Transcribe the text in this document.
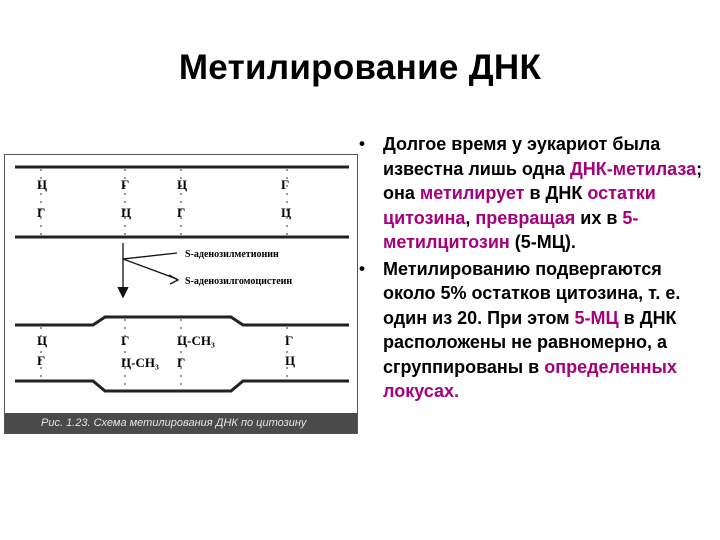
Метилирование ДНК
Ц	Г	Ц	Г
Г	Ц	Г	Ц
S-аденозилметионин
S-аденозилгомоцистеин
Ц	Г	Ц-CH₃	Г
Г	Ц-CH₃ Г	Ц
Рис. 1.23. Схема метилирования ДНК по цитозину
• Долгое время у эукариот была известна лишь одна ДНК-метилаза; она метилирует в ДНК остатки цитозина, превращая их в 5-метилцитозин (5-МЦ).
• Метилированию подвергаются     около 5% остатков цитозина, т. е. один из 20. При этом 5-МЦ в ДНК расположены не равномерно, а сгруппированы в определенных локусах.
